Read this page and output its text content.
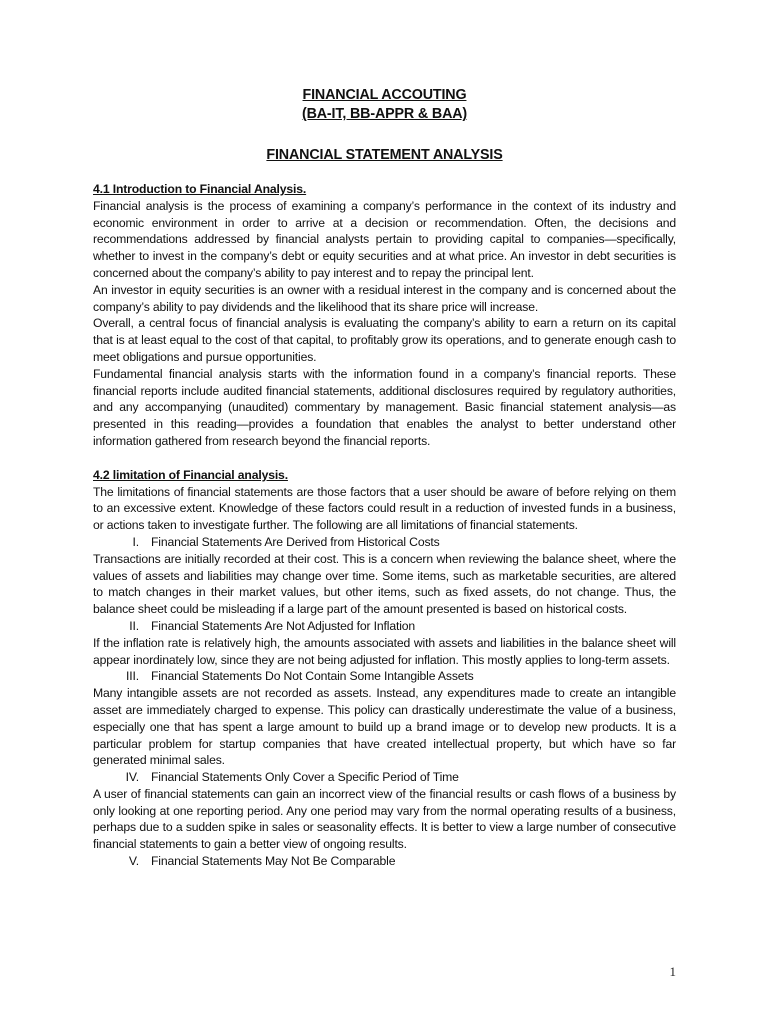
FINANCIAL ACCOUTING
(BA-IT, BB-APPR & BAA)
FINANCIAL STATEMENT ANALYSIS
4.1 Introduction to Financial Analysis.
Financial analysis is the process of examining a company’s performance in the context of its industry and economic environment in order to arrive at a decision or recommendation. Often, the decisions and recommendations addressed by financial analysts pertain to providing capital to companies—specifically, whether to invest in the company’s debt or equity securities and at what price. An investor in debt securities is concerned about the company’s ability to pay interest and to repay the principal lent.
An investor in equity securities is an owner with a residual interest in the company and is concerned about the company’s ability to pay dividends and the likelihood that its share price will increase.
Overall, a central focus of financial analysis is evaluating the company’s ability to earn a return on its capital that is at least equal to the cost of that capital, to profitably grow its operations, and to generate enough cash to meet obligations and pursue opportunities.
Fundamental financial analysis starts with the information found in a company’s financial reports. These financial reports include audited financial statements, additional disclosures required by regulatory authorities, and any accompanying (unaudited) commentary by management. Basic financial statement analysis—as presented in this reading—provides a foundation that enables the analyst to better understand other information gathered from research beyond the financial reports.
4.2 limitation of Financial analysis.
The limitations of financial statements are those factors that a user should be aware of before relying on them to an excessive extent. Knowledge of these factors could result in a reduction of invested funds in a business, or actions taken to investigate further. The following are all limitations of financial statements.
I. Financial Statements Are Derived from Historical Costs
Transactions are initially recorded at their cost. This is a concern when reviewing the balance sheet, where the values of assets and liabilities may change over time. Some items, such as marketable securities, are altered to match changes in their market values, but other items, such as fixed assets, do not change. Thus, the balance sheet could be misleading if a large part of the amount presented is based on historical costs.
II. Financial Statements Are Not Adjusted for Inflation
If the inflation rate is relatively high, the amounts associated with assets and liabilities in the balance sheet will appear inordinately low, since they are not being adjusted for inflation. This mostly applies to long-term assets.
III. Financial Statements Do Not Contain Some Intangible Assets
Many intangible assets are not recorded as assets. Instead, any expenditures made to create an intangible asset are immediately charged to expense. This policy can drastically underestimate the value of a business, especially one that has spent a large amount to build up a brand image or to develop new products. It is a particular problem for startup companies that have created intellectual property, but which have so far generated minimal sales.
IV. Financial Statements Only Cover a Specific Period of Time
A user of financial statements can gain an incorrect view of the financial results or cash flows of a business by only looking at one reporting period. Any one period may vary from the normal operating results of a business, perhaps due to a sudden spike in sales or seasonality effects. It is better to view a large number of consecutive financial statements to gain a better view of ongoing results.
V. Financial Statements May Not Be Comparable
1
